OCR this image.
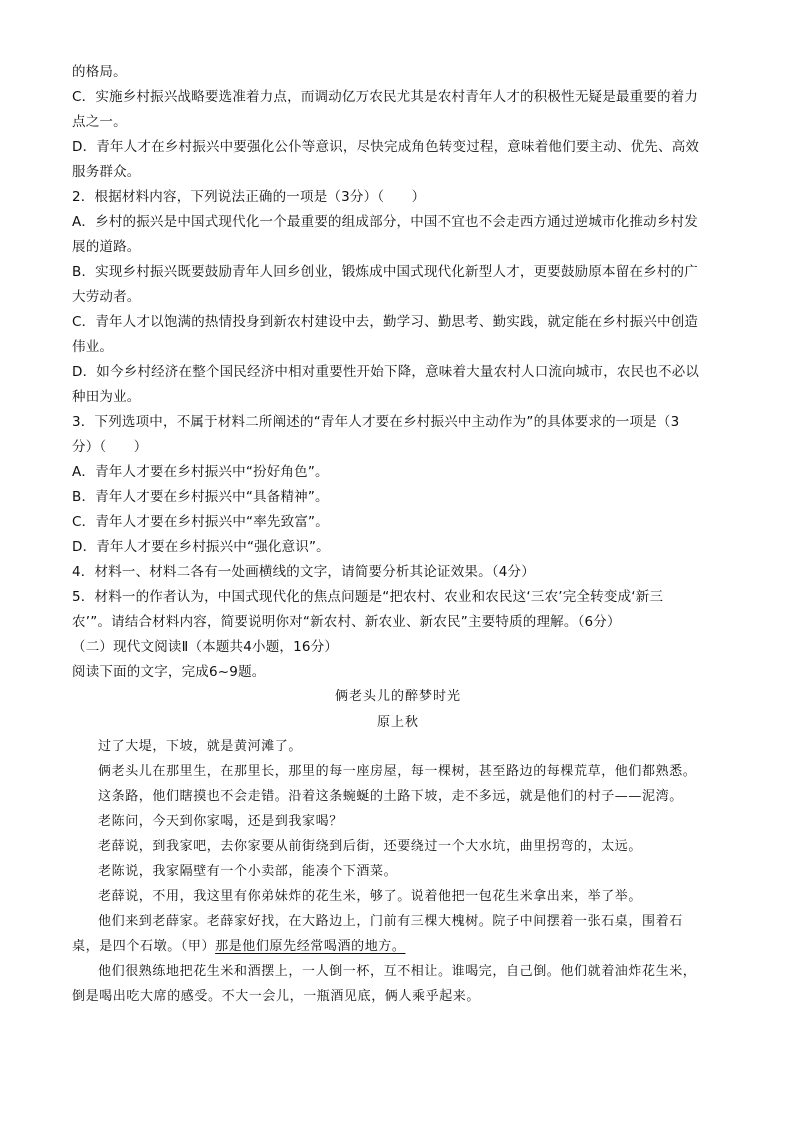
的格局。
C．实施乡村振兴战略要选准着力点，而调动亿万农民尤其是农村青年人才的积极性无疑是最重要的着力
点之一。
D．青年人才在乡村振兴中要强化公仆等意识，尽快完成角色转变过程，意味着他们要主动、优先、高效
服务群众。
2．根据材料内容，下列说法正确的一项是（3分）（　　）
A．乡村的振兴是中国式现代化一个最重要的组成部分，中国不宜也不会走西方通过逆城市化推动乡村发
展的道路。
B．实现乡村振兴既要鼓励青年人回乡创业，锻炼成中国式现代化新型人才，更要鼓励原本留在乡村的广
大劳动者。
C．青年人才以饱满的热情投身到新农村建设中去，勤学习、勤思考、勤实践，就定能在乡村振兴中创造
伟业。
D．如今乡村经济在整个国民经济中相对重要性开始下降，意味着大量农村人口流向城市，农民也不必以
种田为业。
3．下列选项中，不属于材料二所阐述的“青年人才要在乡村振兴中主动作为”的具体要求的一项是（3
分）（　　）
A．青年人才要在乡村振兴中“扮好角色”。
B．青年人才要在乡村振兴中“具备精神”。
C．青年人才要在乡村振兴中“率先致富”。
D．青年人才要在乡村振兴中“强化意识”。
4．材料一、材料二各有一处画横线的文字，请简要分析其论证效果。（4分）
5．材料一的作者认为，中国式现代化的焦点问题是“把农村、农业和农民这‘三农’完全转变成‘新三
农’”。请结合材料内容，简要说明你对“新农村、新农业、新农民”主要特质的理解。（6分）
（二）现代文阅读Ⅱ（本题共4小题，16分）
阅读下面的文字，完成6~9题。
俩老头儿的醉梦时光
原上秋
过了大堤，下坡，就是黄河滩了。
俩老头儿在那里生，在那里长，那里的每一座房屋，每一棵树，甚至路边的每棵荒草，他们都熟悉。
这条路，他们瞎摸也不会走错。沿着这条蜿蜒的土路下坡，走不多远，就是他们的村子——泥湾。
老陈问，今天到你家喝，还是到我家喝？
老薛说，到我家吧，去你家要从前街绕到后街，还要绕过一个大水坑，曲里拐弯的，太远。
老陈说，我家隔壁有一个小卖部，能凑个下酒菜。
老薛说，不用，我这里有你弟妹炸的花生米，够了。说着他把一包花生米拿出来，举了举。
他们来到老薛家。老薛家好找，在大路边上，门前有三棵大槐树。院子中间摆着一张石桌，围着石
桌，是四个石墩。（甲）那是他们原先经常喝酒的地方。
他们很熟练地把花生米和酒摆上，一人倒一杯，互不相让。谁喝完，自己倒。他们就着油炸花生米，
倒是喝出吃大席的感受。不大一会儿，一瓶酒见底，俩人乘乎起来。
